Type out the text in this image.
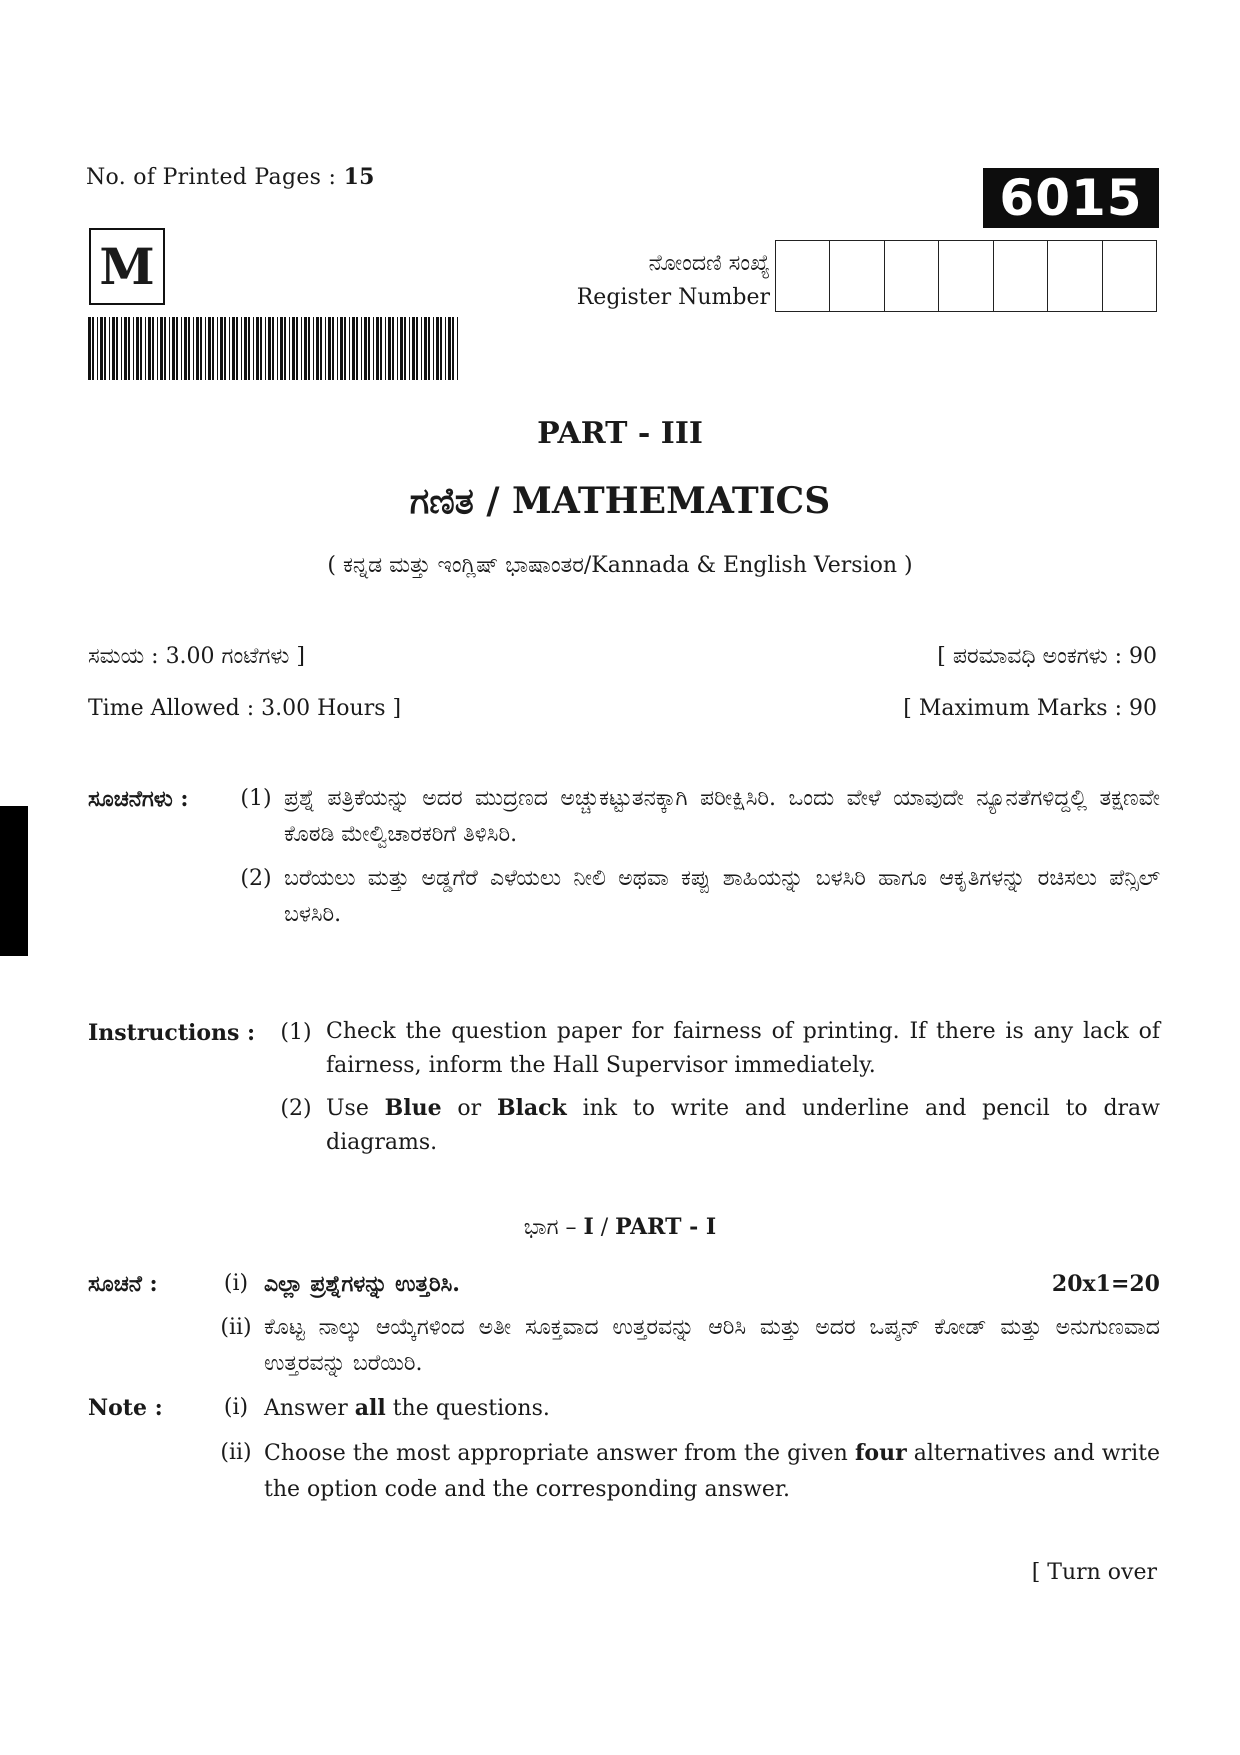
No. of Printed Pages : 15	6015
M	ನೋಂದಣಿ ಸಂಖ್ಯೆ
Register Number
PART - III
ಗಣಿತ / MATHEMATICS
( ಕನ್ನಡ ಮತ್ತು ಇಂಗ್ಲಿಷ್ ಭಾಷಾಂತರ/Kannada & English Version )
ಸಮಯ : 3.00 ಗಂಟೆಗಳು ]	[ ಪರಮಾವಧಿ ಅಂಕಗಳು : 90
Time Allowed : 3.00 Hours ]	[ Maximum Marks : 90
ಸೂಚನೆಗಳು :	(1) ಪ್ರಶ್ನೆ ಪತ್ರಿಕೆಯನ್ನು ಅದರ ಮುದ್ರಣದ ಅಚ್ಚುಕಟ್ಟುತನಕ್ಕಾಗಿ ಪರೀಕ್ಷಿಸಿರಿ. ಒಂದು ವೇಳೆ ಯಾವುದೇ ನ್ಯೂನತೆಗಳಿದ್ದಲ್ಲಿ ತಕ್ಷಣವೇ ಕೊಠಡಿ ಮೇಲ್ವಿಚಾರಕರಿಗೆ ತಿಳಿಸಿರಿ.
(2) ಬರೆಯಲು ಮತ್ತು ಅಡ್ಡಗೆರೆ ಎಳೆಯಲು ನೀಲಿ ಅಥವಾ ಕಪ್ಪು ಶಾಹಿಯನ್ನು ಬಳಸಿರಿ ಹಾಗೂ ಆಕೃತಿಗಳನ್ನು ರಚಿಸಲು ಪೆನ್ಸಿಲ್ ಬಳಸಿರಿ.
Instructions :	(1) Check the question paper for fairness of printing. If there is any lack of fairness, inform the Hall Supervisor immediately.
(2) Use Blue or Black ink to write and underline and pencil to draw diagrams.
ಭಾಗ – I / PART - I
ಸೂಚನೆ :	(i) ಎಲ್ಲಾ ಪ್ರಶ್ನೆಗಳನ್ನು ಉತ್ತರಿಸಿ.	20x1=20
(ii) ಕೊಟ್ಟ ನಾಲ್ಕು ಆಯ್ಕೆಗಳಿಂದ ಅತೀ ಸೂಕ್ತವಾದ ಉತ್ತರವನ್ನು ಆರಿಸಿ ಮತ್ತು ಅದರ ಒಪ್ಶನ್ ಕೋಡ್ ಮತ್ತು ಅನುಗುಣವಾದ ಉತ್ತರವನ್ನು ಬರೆಯಿರಿ.
Note :	(i) Answer all the questions.
(ii) Choose the most appropriate answer from the given four alternatives and write the option code and the corresponding answer.
[ Turn over
